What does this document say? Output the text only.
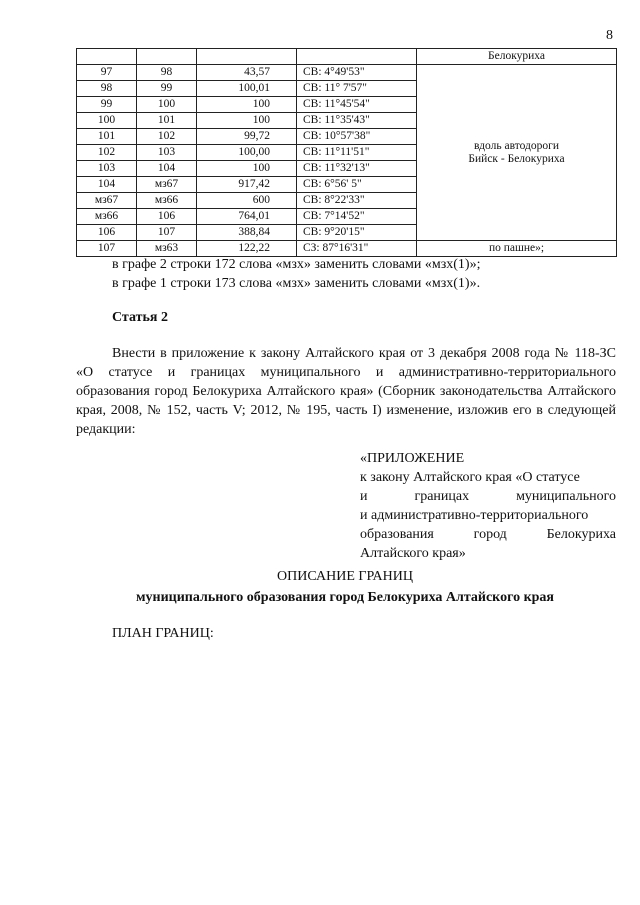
8
				Белокуриха
97	98	43,57	СВ: 4°49'53"	вдоль автодороги
Бийск - Белокуриха

98	99	100,01	СВ: 11° 7'57"	
99	100	100	СВ: 11°45'54"	
100	101	100	СВ: 11°35'43"	
101	102	99,72	СВ: 10°57'38"	
102	103	100,00	СВ: 11°11'51"	
103	104	100	СВ: 11°32'13"	
104	мз67	917,42	СВ: 6°56' 5"	
мз67	мз66	600	СВ: 8°22'33"	
мз66	106	764,01	СВ: 7°14'52"	
106	107	388,84	СВ: 9°20'15"	
107	мз63	122,22	СЗ: 87°16'31"	по пашне»;
в графе 2 строки 172 слова «мзх» заменить словами «мзх(1)»;
в графе 1 строки 173 слова «мзх» заменить словами «мзх(1)».
Статья 2
Внести в приложение к закону Алтайского края от 3 декабря 2008 года № 118-ЗС «О статусе и границах муниципального и административно-территориального образования город Белокуриха Алтайского края» (Сборник законодательства Алтайского края, 2008, № 152, часть V; 2012, № 195, часть I) изменение, изложив его в следующей редакции:
«ПРИЛОЖЕНИЕ
к закону Алтайского края «О статусе
и	границах	муниципального
и административно-территориального
образования	город	Белокуриха
Алтайского края»
ОПИСАНИЕ ГРАНИЦ
муниципального образования город Белокуриха Алтайского края
ПЛАН ГРАНИЦ:
